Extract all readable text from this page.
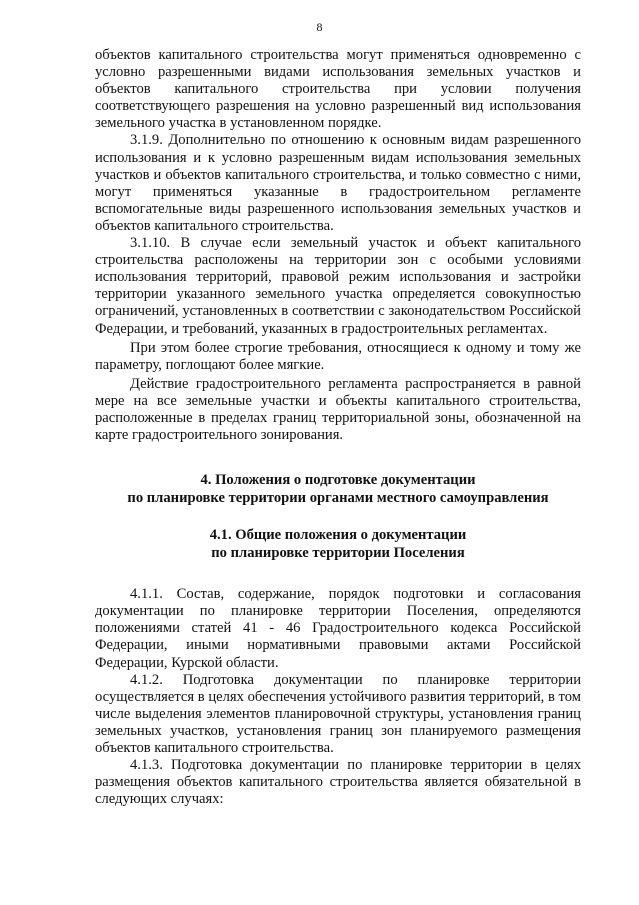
8

объектов капитального строительства могут применяться одновременно с условно разрешенными видами использования земельных участков и объектов капитального строительства при условии получения соответствующего разрешения на условно разрешенный вид использования земельного участка в установленном порядке.

3.1.9. Дополнительно по отношению к основным видам разрешенного использования и к условно разрешенным видам использования земельных участков и объектов капитального строительства, и только совместно с ними, могут применяться указанные в градостроительном регламенте вспомогательные виды разрешенного использования земельных участков и объектов капитального строительства.

3.1.10. В случае если земельный участок и объект капитального строительства расположены на территории зон с особыми условиями использования территорий, правовой режим использования и застройки территории указанного земельного участка определяется совокупностью ограничений, установленных в соответствии с законодательством Российской Федерации, и требований, указанных в градостроительных регламентах.

При этом более строгие требования, относящиеся к одному и тому же параметру, поглощают более мягкие.

Действие градостроительного регламента распространяется в равной мере на все земельные участки и объекты капитального строительства, расположенные в пределах границ территориальной зоны, обозначенной на карте градостроительного зонирования.

4. Положения о подготовке документации
по планировке территории органами местного самоуправления
4.1. Общие положения о документации
по планировке территории Поселения

4.1.1. Состав, содержание, порядок подготовки и согласования документации по планировке территории Поселения, определяются положениями статей 41 - 46 Градостроительного кодекса Российской Федерации, иными нормативными правовыми актами Российской Федерации, Курской области.

4.1.2. Подготовка документации по планировке территории осуществляется в целях обеспечения устойчивого развития территорий, в том числе выделения элементов планировочной структуры, установления границ земельных участков, установления границ зон планируемого размещения объектов капитального строительства.

4.1.3. Подготовка документации по планировке территории в целях размещения объектов капитального строительства является обязательной в следующих случаях:
